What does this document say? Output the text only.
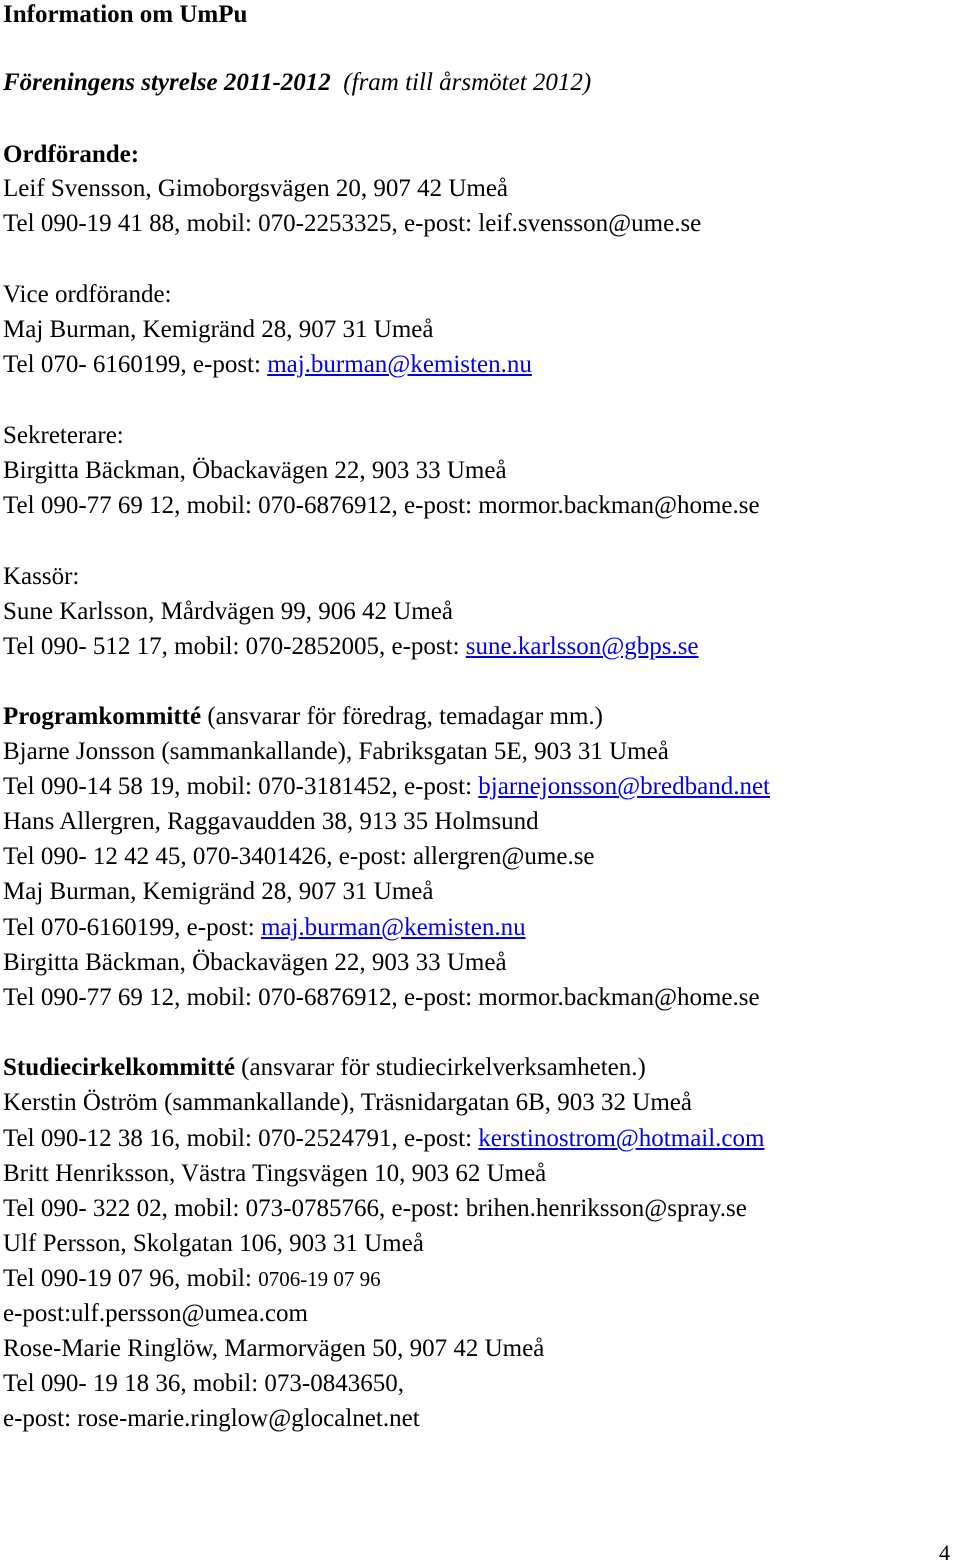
Information om UmPu
Föreningens styrelse 2011-2012 (fram till årsmötet 2012)
Ordförande:
Leif Svensson, Gimoborgsvägen 20, 907 42 Umeå
Tel 090-19 41 88, mobil: 070-2253325, e-post: leif.svensson@ume.se
Vice ordförande:
Maj Burman, Kemigränd 28, 907 31 Umeå
Tel 070- 6160199, e-post: maj.burman@kemisten.nu
Sekreterare:
Birgitta Bäckman, Öbackavägen 22, 903 33 Umeå
Tel 090-77 69 12, mobil: 070-6876912, e-post: mormor.backman@home.se
Kassör:
Sune Karlsson, Mårdvägen 99, 906 42 Umeå
Tel 090- 512 17, mobil: 070-2852005, e-post: sune.karlsson@gbps.se
Programkommitté (ansvarar för föredrag, temadagar mm.)
Bjarne Jonsson (sammankallande), Fabriksgatan 5E, 903 31 Umeå
Tel 090-14 58 19, mobil: 070-3181452, e-post: bjarnejonsson@bredband.net
Hans Allergren, Raggavaudden 38, 913 35 Holmsund
Tel 090- 12 42 45, 070-3401426, e-post: allergren@ume.se
Maj Burman, Kemigränd 28, 907 31 Umeå
Tel 070-6160199, e-post: maj.burman@kemisten.nu
Birgitta Bäckman, Öbackavägen 22, 903 33 Umeå
Tel 090-77 69 12, mobil: 070-6876912, e-post: mormor.backman@home.se
Studiecirkelkommitté (ansvarar för studiecirkelverksamheten.)
Kerstin Öström (sammankallande), Träsnidargatan 6B, 903 32 Umeå
Tel 090-12 38 16, mobil: 070-2524791, e-post: kerstinostrom@hotmail.com
Britt Henriksson, Västra Tingsvägen 10, 903 62 Umeå
Tel 090- 322 02, mobil: 073-0785766, e-post: brihen.henriksson@spray.se
Ulf Persson, Skolgatan 106, 903 31 Umeå
Tel 090-19 07 96, mobil: 0706-19 07 96
e-post:ulf.persson@umea.com
Rose-Marie Ringlöw, Marmorvägen 50, 907 42 Umeå
Tel 090- 19 18 36, mobil: 073-0843650,
e-post: rose-marie.ringlow@glocalnet.net
4
